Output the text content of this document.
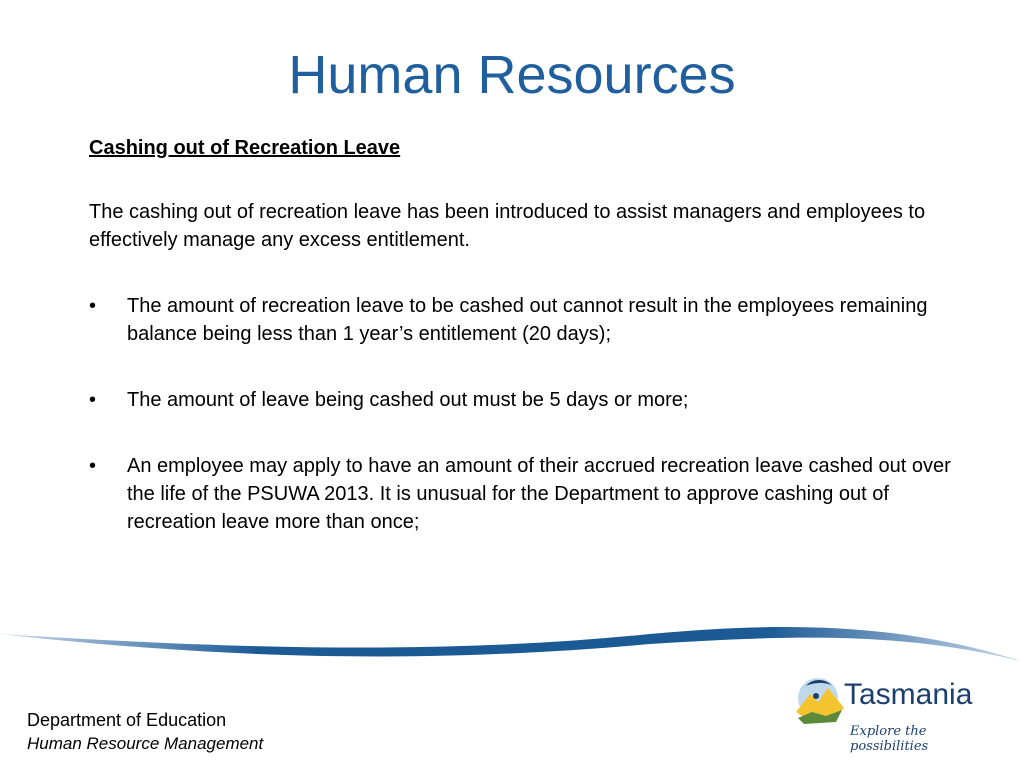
Human Resources

Cashing out of Recreation Leave

The cashing out of recreation leave has been introduced to assist managers and employees to effectively manage any excess entitlement.

• The amount of recreation leave to be cashed out cannot result in the employees remaining balance being less than 1 year’s entitlement (20 days);
• The amount of leave being cashed out must be 5 days or more;
• An employee may apply to have an amount of their accrued recreation leave cashed out over the life of the PSUWA 2013. It is unusual for the Department to approve cashing out of recreation leave more than once;
Department of Education
Human Resource Management
Tasmania
Explore the possibilities
